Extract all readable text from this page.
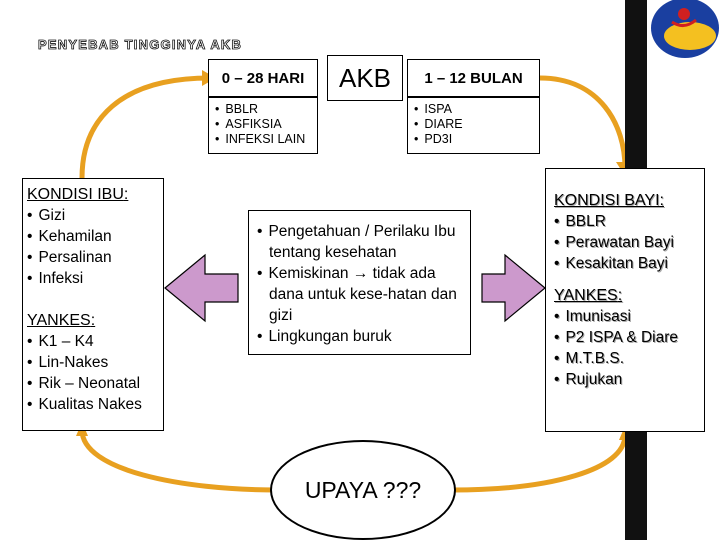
PENYEBAB TINGGINYA AKB
0 – 28 HARI AKB 1 – 12 BULAN
• BBLR
• ASFIKSIA
• INFEKSI LAIN
• ISPA
• DIARE
• PD3I
KONDISI IBU:
• Gizi
• Kehamilan
• Persalinan
• Infeksi
YANKES:
• K1 – K4
• Lin-Nakes
• Rik – Neonatal
• Kualitas Nakes
• Pengetahuan / Perilaku Ibu tentang kesehatan
• Kemiskinan → tidak ada dana untuk kese-hatan dan gizi
• Lingkungan buruk
KONDISI BAYI:
• BBLR
• Perawatan Bayi
• Kesakitan Bayi
YANKES:
• Imunisasi
• P2 ISPA & Diare
• M.T.B.S.
• Rujukan
UPAYA ???
